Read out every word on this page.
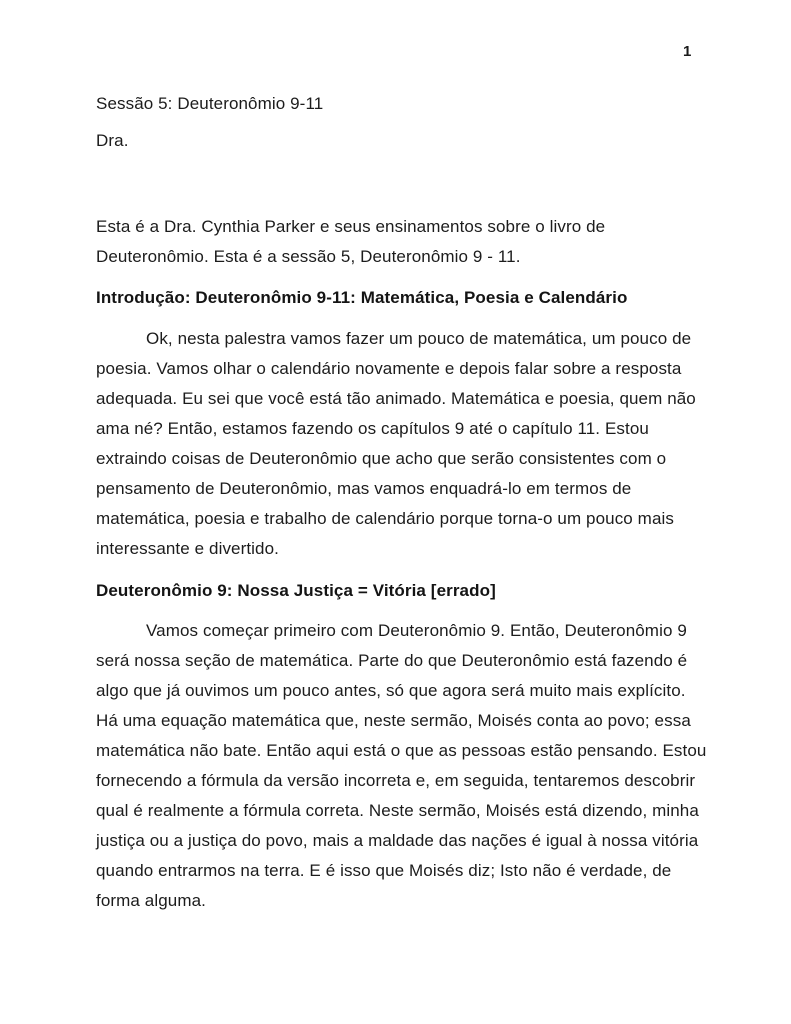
1
Sessão 5: Deuteronômio 9-11
Dra.
Esta é a Dra. Cynthia Parker e seus ensinamentos sobre o livro de
Deuteronômio. Esta é a sessão 5, Deuteronômio 9 - 11.
Introdução: Deuteronômio 9-11: Matemática, Poesia e Calendário
Ok, nesta palestra vamos fazer um pouco de matemática, um pouco de
poesia. Vamos olhar o calendário novamente e depois falar sobre a resposta
adequada. Eu sei que você está tão animado. Matemática e poesia, quem não
ama né? Então, estamos fazendo os capítulos 9 até o capítulo 11. Estou
extraindo coisas de Deuteronômio que acho que serão consistentes com o
pensamento de Deuteronômio, mas vamos enquadrá-lo em termos de
matemática, poesia e trabalho de calendário porque torna-o um pouco mais
interessante e divertido.
Deuteronômio 9: Nossa Justiça = Vitória [errado]
Vamos começar primeiro com Deuteronômio 9. Então, Deuteronômio 9
será nossa seção de matemática. Parte do que Deuteronômio está fazendo é
algo que já ouvimos um pouco antes, só que agora será muito mais explícito.
Há uma equação matemática que, neste sermão, Moisés conta ao povo; essa
matemática não bate. Então aqui está o que as pessoas estão pensando. Estou
fornecendo a fórmula da versão incorreta e, em seguida, tentaremos descobrir
qual é realmente a fórmula correta. Neste sermão, Moisés está dizendo, minha
justiça ou a justiça do povo, mais a maldade das nações é igual à nossa vitória
quando entrarmos na terra. E é isso que Moisés diz; Isto não é verdade, de
forma alguma.
